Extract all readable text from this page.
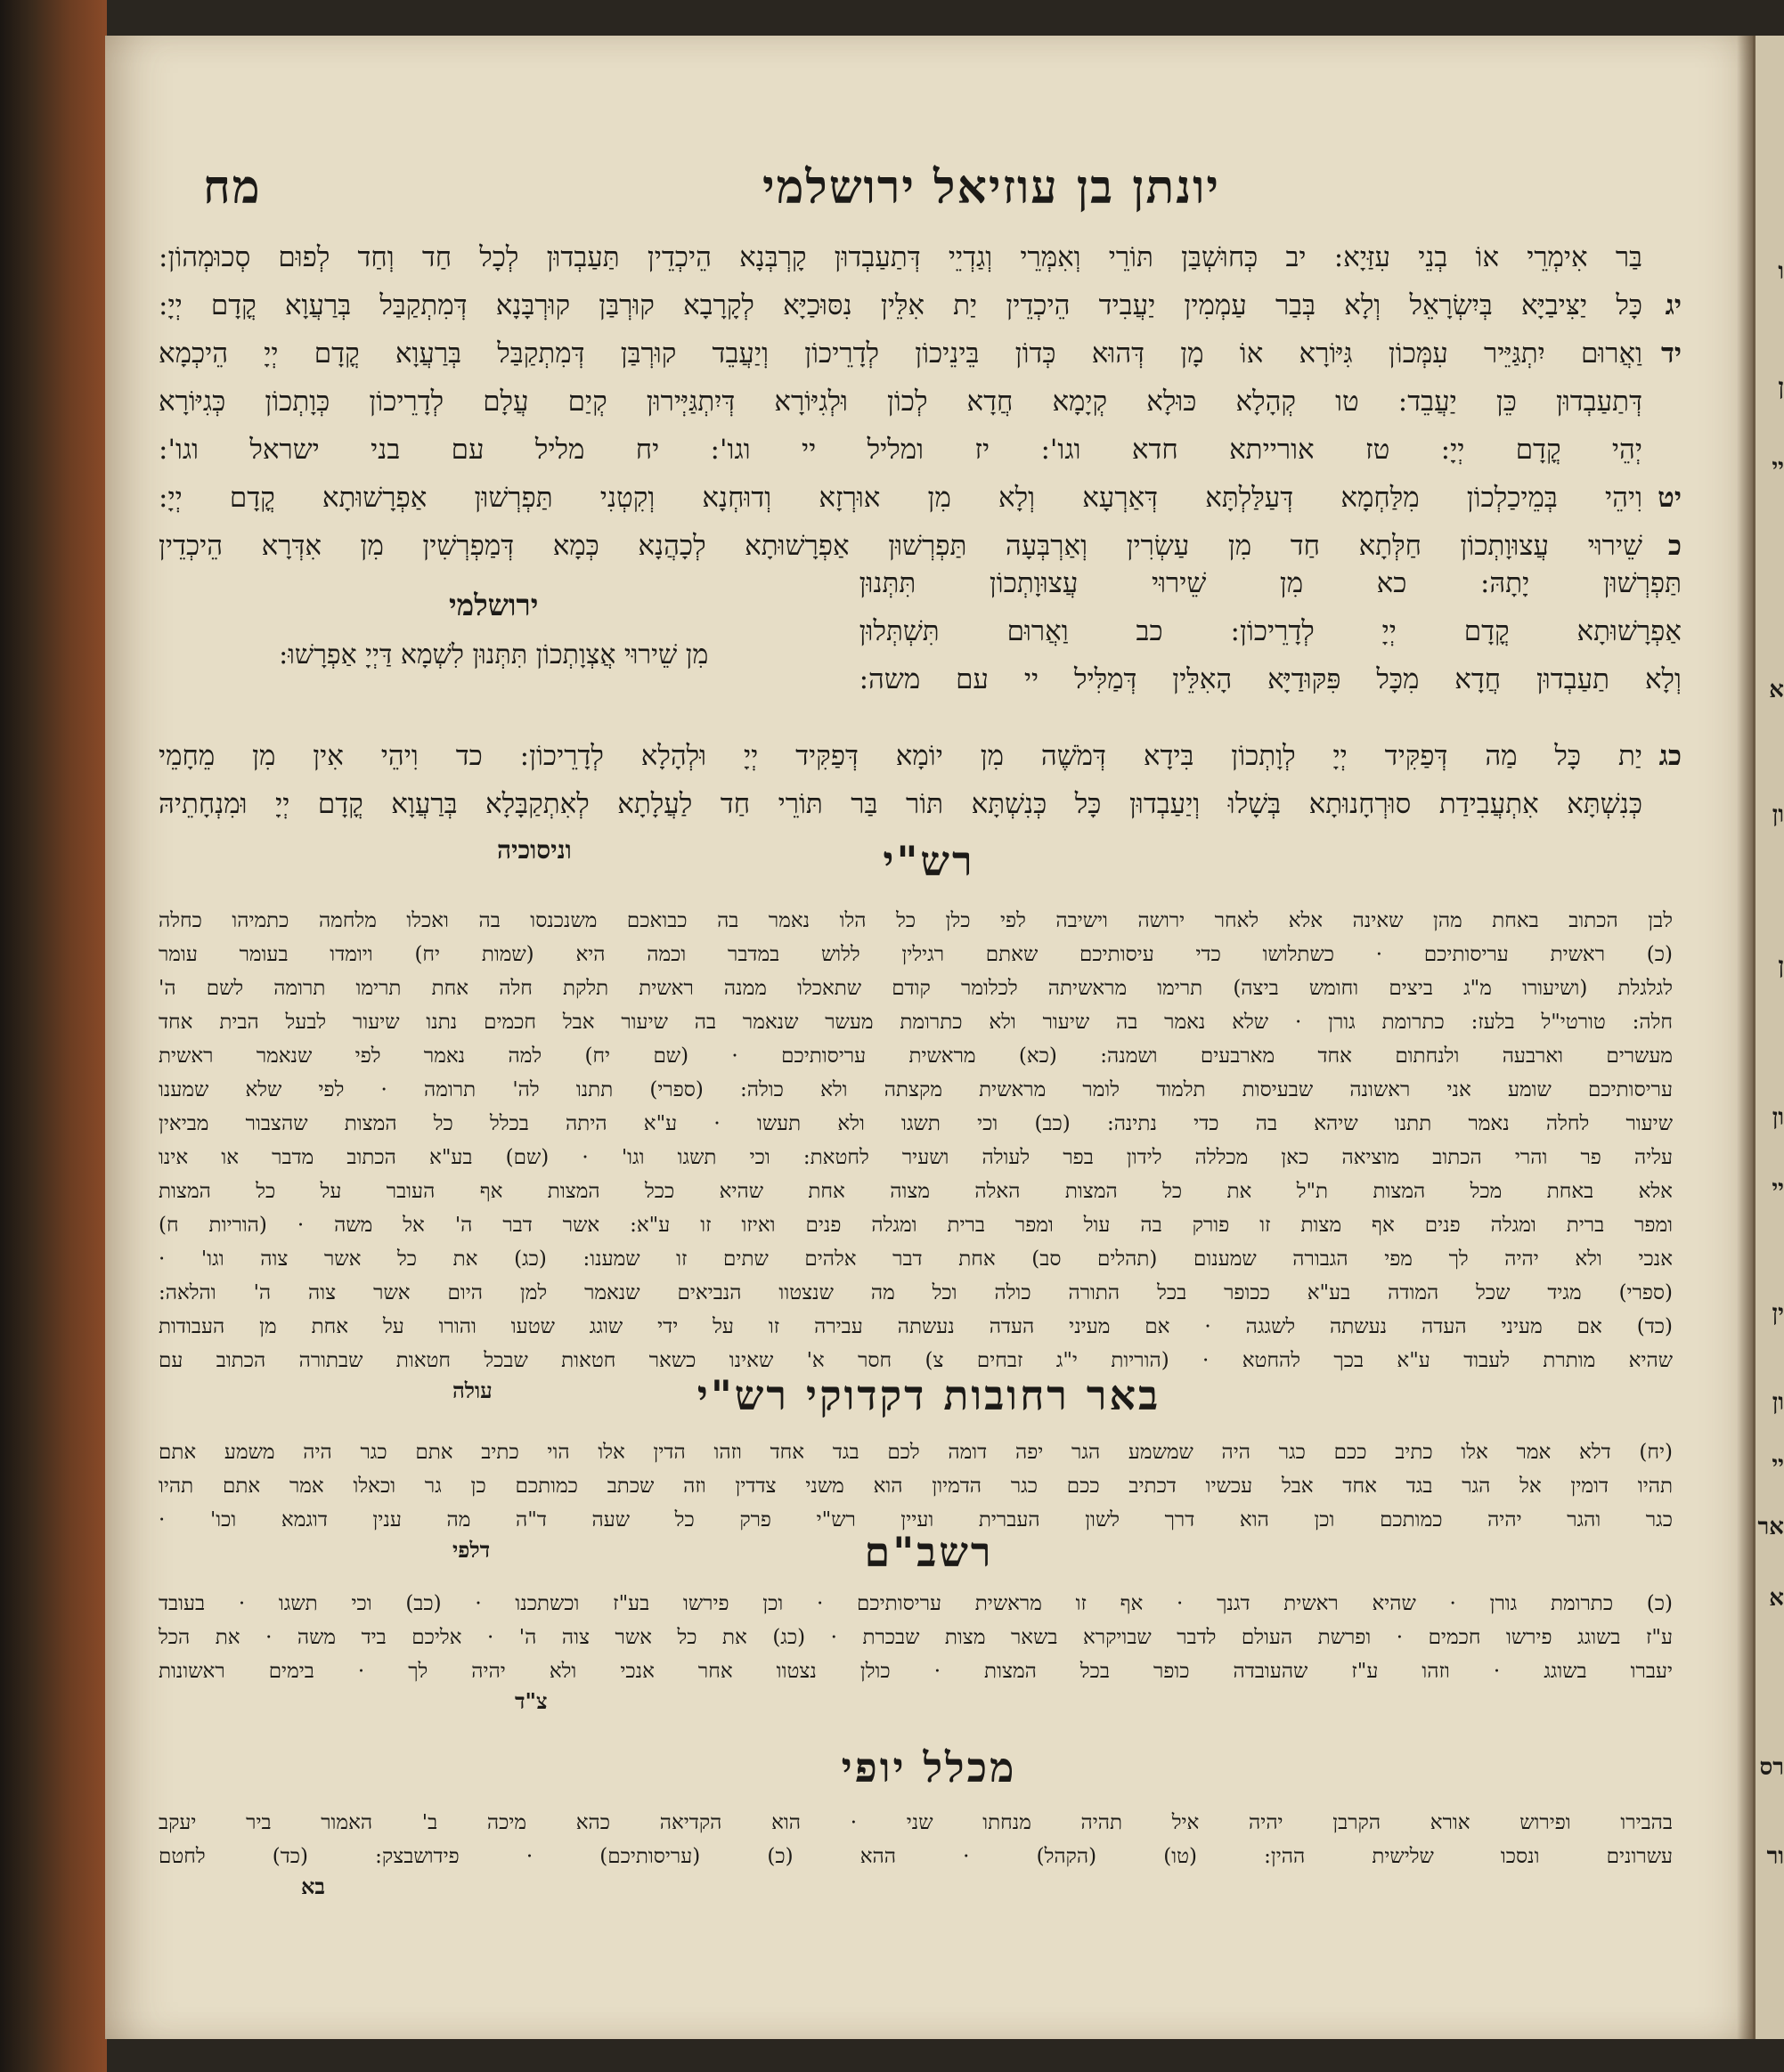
יונתן בן עוזיאל ירושלמי
מח
בַּר אִימְרֵי אוֹ בְנֵי עִזַּיָא: יב כְּחוּשְׁבַּן תּוֹרֵי וְאִמְּרֵי וְגַדְיֵי דְּתַעַבְדוּן קָרְבְּנָא הֵיכְדֵין תַּעַבְדוּן לְכָל חַד וְחַד לְפוּם סְכוּמְהוֹן:
יגכָּל יַצִּיבַיָּא בְּיִשְׂרָאֵל וְלָא בְּבַר עַמְמִין יַעֲבִיד הֵיכְדֵין יַת אִלֵּין נִסּוּכַיָּא לְקָרָבָא קוּרְבַּן קוּרְבָּנָא דְּמִתְקַבַּל בְּרַעֲוָא קֳדָם יְיָ:
ידוַאֲרוּם יִתְגַּיֵּיר עִמְּכוֹן גִּיּוֹרָא אוֹ מָן דְּהוּא כְּדוֹן בֵּינֵיכוֹן לְדָרֵיכוֹן וְיַעֲבֵד קוּרְבַּן דְּמִתְקַבַּל בְּרַעֲוָא קֳדָם יְיָ הֵיכְמָא
דְּתַעַבְדוּן כֵּן יַעֲבֵד: טו קְהָלָא כּוּלָא קְיָמָא חֲדָא לְכוֹן וּלְגִיּוֹרָא דְּיִתְגַּיְּירוּן קְיַם עֲלָם לְדָרֵיכוֹן כְּוָתְכוֹן כְּגִיּוֹרָא
יְהֵי קֳדָם יְיָ: טז אורייתא חדא וגו': יז ומליל יי וגו': יח מליל עם בני ישראל וגו':
יטוִיהֵי בְּמֵיכַלְכוֹן מִלַּחְמָא דְּעַלַּלְתָּא דְּאַרְעָא וְלָא מִן אוּרְזָא וְדוּחְנָא וְקִטְנִי תַּפְרְשׁוּן אַפְרָשׁוּתָא קֳדָם יְיָ:
כשֵׁירוּי עֲצוּוָתְכוֹן חַלְּתָא חַד מִן עַשְׂרִין וְאַרְבְּעָה תַּפְרְשׁוּן אַפְרָשׁוּתָא לְכָהֲנָא כְּמָא דְּמַפְרְשִׁין מִן אִדְּרָא הֵיכְדֵין
תַּפְרְשׁוּן יָתָהּ: כא מִן שֵׁירוּי עֲצוּוָתְכוֹן תִּתְּנוּן
אַפְרָשׁוּתָא קֳדָם יְיָ לְדָרֵיכוֹן: כב וַאֲרוּם תִּשְׁתְּלוּן
וְלָא תַעַבְדוּן חֲדָא מִכָּל פִּקּוּדַיָּא הָאִלֵּין דְּמַלִּיל יי עם משה:
ירושלמי
מִן שֵׁירוּי אֲצְוָתְכוֹן תִּתְּנוּן לִשְׁמָא דַּיְיָ אַפְרָשׁוּ:
כגיַת כָּל מַה דְּפַקִּיד יְיָ לְוָתְכוֹן בִּידָא דְּמֹשֶׁה מִן יוֹמָא דְּפַקִּיד יְיָ וּלְהָלָא לְדָרֵיכוֹן: כד וִיהֵי אִין מִן מֵחָמֵי
כְּנִשְׁתָּא אִתְעֲבִידַת סוּרְחָנוּתָא בְּשָׁלוּ וְיַעַבְדוּן כָּל כְּנִשְׁתָּא תּוֹר בַּר תּוֹרֵי חַד לַעֲלָתָא לְאִתְקַבָּלָא בְּרַעֲוָא קֳדָם יְיָ וּמִנְחָתֵיהּ
וניסוכיה	רש"י
לבן הכתוב באחת מהן שאינה אלא לאחר ירושה וישיבה לפי כלן כל הלו נאמר בה כבואכם משנכנסו בה ואכלו מלחמה כתמיהו כחלה
(כ) ראשית עריסותיכם · כשתלושו כדי עיסותיכם שאתם רגילין ללוש במדבר וכמה היא (שמות יח) ויומדו בעומר עומר
לגלגלת (ושיעורו מ"ג ביצים וחומש ביצה) תרימו מראשיתה לכלומר קודם שתאכלו ממנה ראשית תלקת חלה אחת תרימו תרומה לשם ה'
חלה: טורטי"ל בלעז: כתרומת גורן · שלא נאמר בה שיעור ולא כתרומת מעשר שנאמר בה שיעור אבל חכמים נתנו שיעור לבעל הבית אחד
מעשרים וארבעה ולנחתום אחד מארבעים ושמנה: (כא) מראשית עריסותיכם · (שם יח) למה נאמר לפי שנאמר ראשית
עריסותיכם שומע אני ראשונה שבעיסות תלמוד לומר מראשית מקצתה ולא כולה: (ספרי) תתנו לה' תרומה · לפי שלא שמענו
שיעור לחלה נאמר תתנו שיהא בה כדי נתינה: (כב) וכי תשגו ולא תעשו · ע"א היתה בכלל כל המצות שהצבור מביאין
עליה פר והרי הכתוב מוציאה כאן מכללה לידון בפר לעולה ושעיר לחטאת: וכי תשגו וגו' · (שם) בע"א הכתוב מדבר או אינו
אלא באחת מכל המצות ת"ל את כל המצות האלה מצוה אחת שהיא ככל המצות אף העובר על כל המצות
ומפר ברית ומגלה פנים אף מצות זו פורק בה עול ומפר ברית ומגלה פנים ואיזו זו ע"א: אשר דבר ה' אל משה · (הוריות ח)
אנכי ולא יהיה לך מפי הגבורה שמענום (תהלים סב) אחת דבר אלהים שתים זו שמענו: (כג) את כל אשר צוה וגו' ·
(ספרי) מגיד שכל המודה בע"א ככופר בכל התורה כולה וכל מה שנצטוו הנביאים שנאמר למן היום אשר צוה ה' והלאה:
(כד) אם מעיני העדה נעשתה לשגגה · אם מעיני העדה נעשתה עבירה זו על ידי שוגג שטעו והורו על אחת מן העבודות
שהיא מותרת לעבוד ע"א בכך להחטא · (הוריות י"ג זבחים צ) חסר א' שאינו כשאר חטאות שבכל חטאות שבתורה הכתוב עם
עולה	באר רחובות דקדוקי רש"י
(יח) דלא אמר אלו כתיב ככם כגר היה שמשמע הגר יפה דומה לכם בגד אחד וזהו הדין אלו הוי כתיב אתם כגר היה משמע אתם
תהיו דומין אל הגר בגד אחד אבל עכשיו דכתיב ככם כגר הדמיון הוא משני צדדין וזה שכתב כמותכם כן גר וכאלו אמר אתם תהיו
כגר והגר יהיה כמותכם וכן הוא דרך לשון העברית ועיין רש"י פרק כל שעה ד"ה מה ענין דוגמא וכו' ·
דלפי	רשב"ם
(כ) כתרומת גורן · שהיא ראשית דגנך · אף זו מראשית עריסותיכם · וכן פירשו בע"ז וכשתכנו · (כב) וכי תשגו · בעובד
ע"ז בשוגג פירשו חכמים · ופרשת העולם לדבר שבויקרא בשאר מצות שבכרת · (כג) את כל אשר צוה ה' · אליכם ביד משה · את הכל
יעברו בשוגג · וזהו ע"ז שהעובדה כופר בכל המצות · כולן נצטוו אחר אנכי ולא יהיה לך · בימים ראשונות
צ"ד
מכלל יופי
בהבירו ופירוש אורא הקרבן יהיה איל תהיה מנחתו שני · הוא הקדיאה כהא מיכה ב' האמור ביר יעקב
עשרונים ונסכו שלישית ההין: (טו) (הקהל) · ההא (כ) (עריסותיכם) · פידושבצק: (כד) לחטם
בא
ו
ן
יי
א
ון
ן
ון
יי
ין
ון
יי
אר
א
רס
ור
